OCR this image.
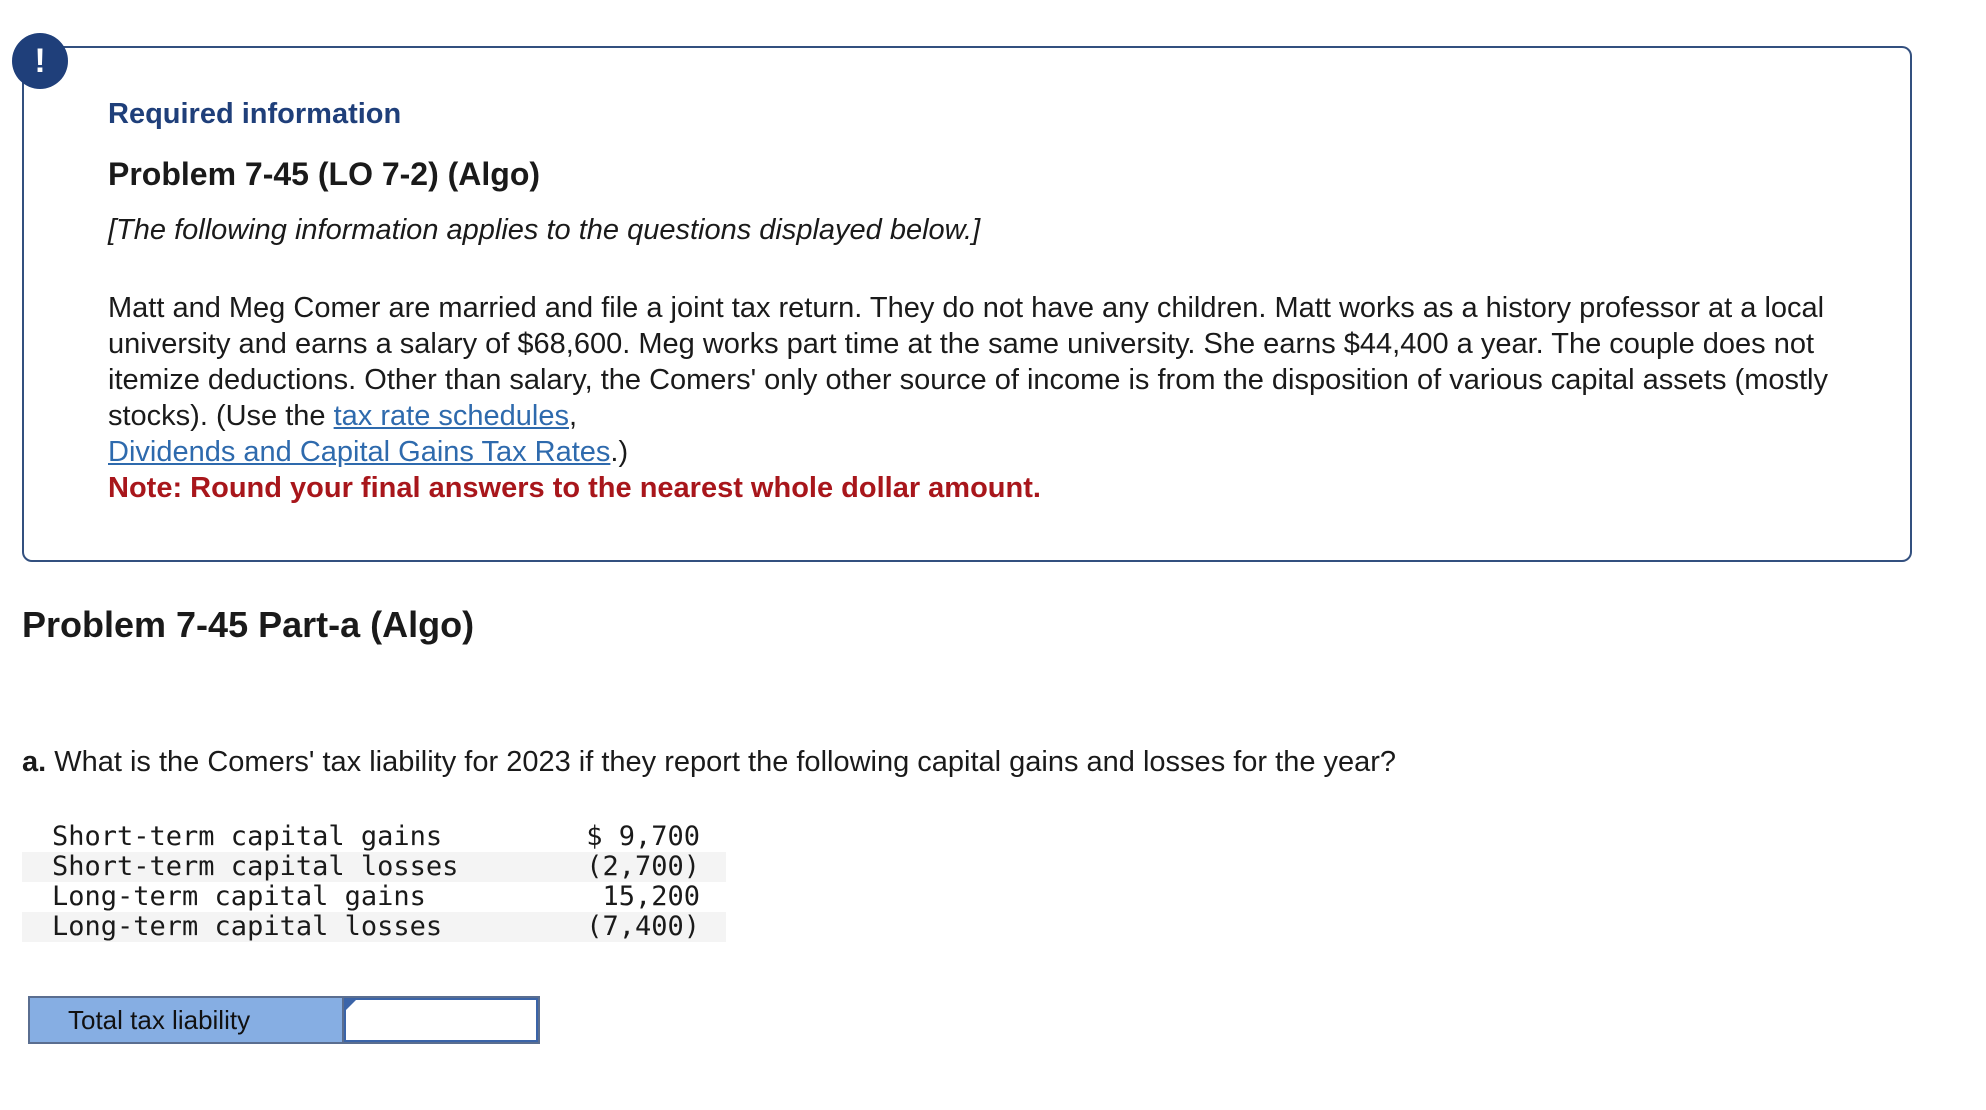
!
Required information
Problem 7-45 (LO 7-2) (Algo)
[The following information applies to the questions displayed below.]
Matt and Meg Comer are married and file a joint tax return. They do not have any children. Matt works as a history professor at a local university and earns a salary of $68,600. Meg works part time at the same university. She earns $44,400 a year. The couple does not itemize deductions. Other than salary, the Comers' only other source of income is from the disposition of various capital assets (mostly stocks). (Use the tax rate schedules,
Dividends and Capital Gains Tax Rates.)
Note: Round your final answers to the nearest whole dollar amount.
Problem 7-45 Part-a (Algo)
a. What is the Comers' tax liability for 2023 if they report the following capital gains and losses for the year?
Short-term capital gains	$ 9,700
Short-term capital losses	(2,700)
Long-term capital gains	15,200
Long-term capital losses	(7,400)
Total tax liability
